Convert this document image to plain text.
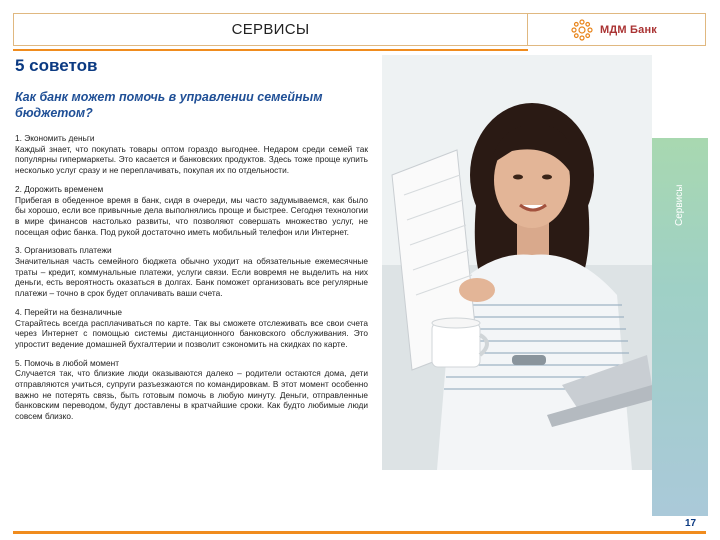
СЕРВИСЫ	МДМ Банк
5 советов
Как банк может помочь в управлении семейным бюджетом?
1. Экономить деньги
Каждый знает, что покупать товары оптом гораздо выгоднее. Недаром среди семей так популярны гипермаркеты. Это касается и банковских продуктов. Здесь тоже проще купить несколько услуг сразу и не переплачивать, покупая их по отдельности.
2. Дорожить временем
Прибегая в обеденное время в банк, сидя в очереди, мы часто задумываемся, как было бы хорошо, если все привычные дела выполнялись проще и быстрее. Сегодня технологии в мире финансов настолько развиты, что позволяют совершать множество услуг, не посещая офис банка. Под рукой достаточно иметь мобильный телефон или Интернет.
3. Организовать платежи
Значительная часть семейного бюджета обычно уходит на обязательные ежемесячные траты – кредит, коммунальные платежи, услуги связи. Если вовремя не выделить на них деньги, есть вероятность оказаться в долгах. Банк поможет организовать все регулярные платежи – точно в срок будет оплачивать ваши счета.
4. Перейти на безналичные
Старайтесь всегда расплачиваться по карте. Так вы сможете отслеживать все свои счета через Интернет с помощью системы дистанционного банковского обслуживания. Это упростит ведение домашней бухгалтерии и позволит сэкономить на скидках по карте.
5. Помочь в любой момент
Случается так, что близкие люди оказываются далеко – родители остаются дома, дети отправляются учиться, супруги разъезжаются по командировкам. В этот момент особенно важно не потерять связь, быть готовым помочь в любую минуту. Деньги, отправленные банковским переводом, будут доставлены в кратчайшие сроки. Как будто любимые люди совсем близко.
Сервисы
17
